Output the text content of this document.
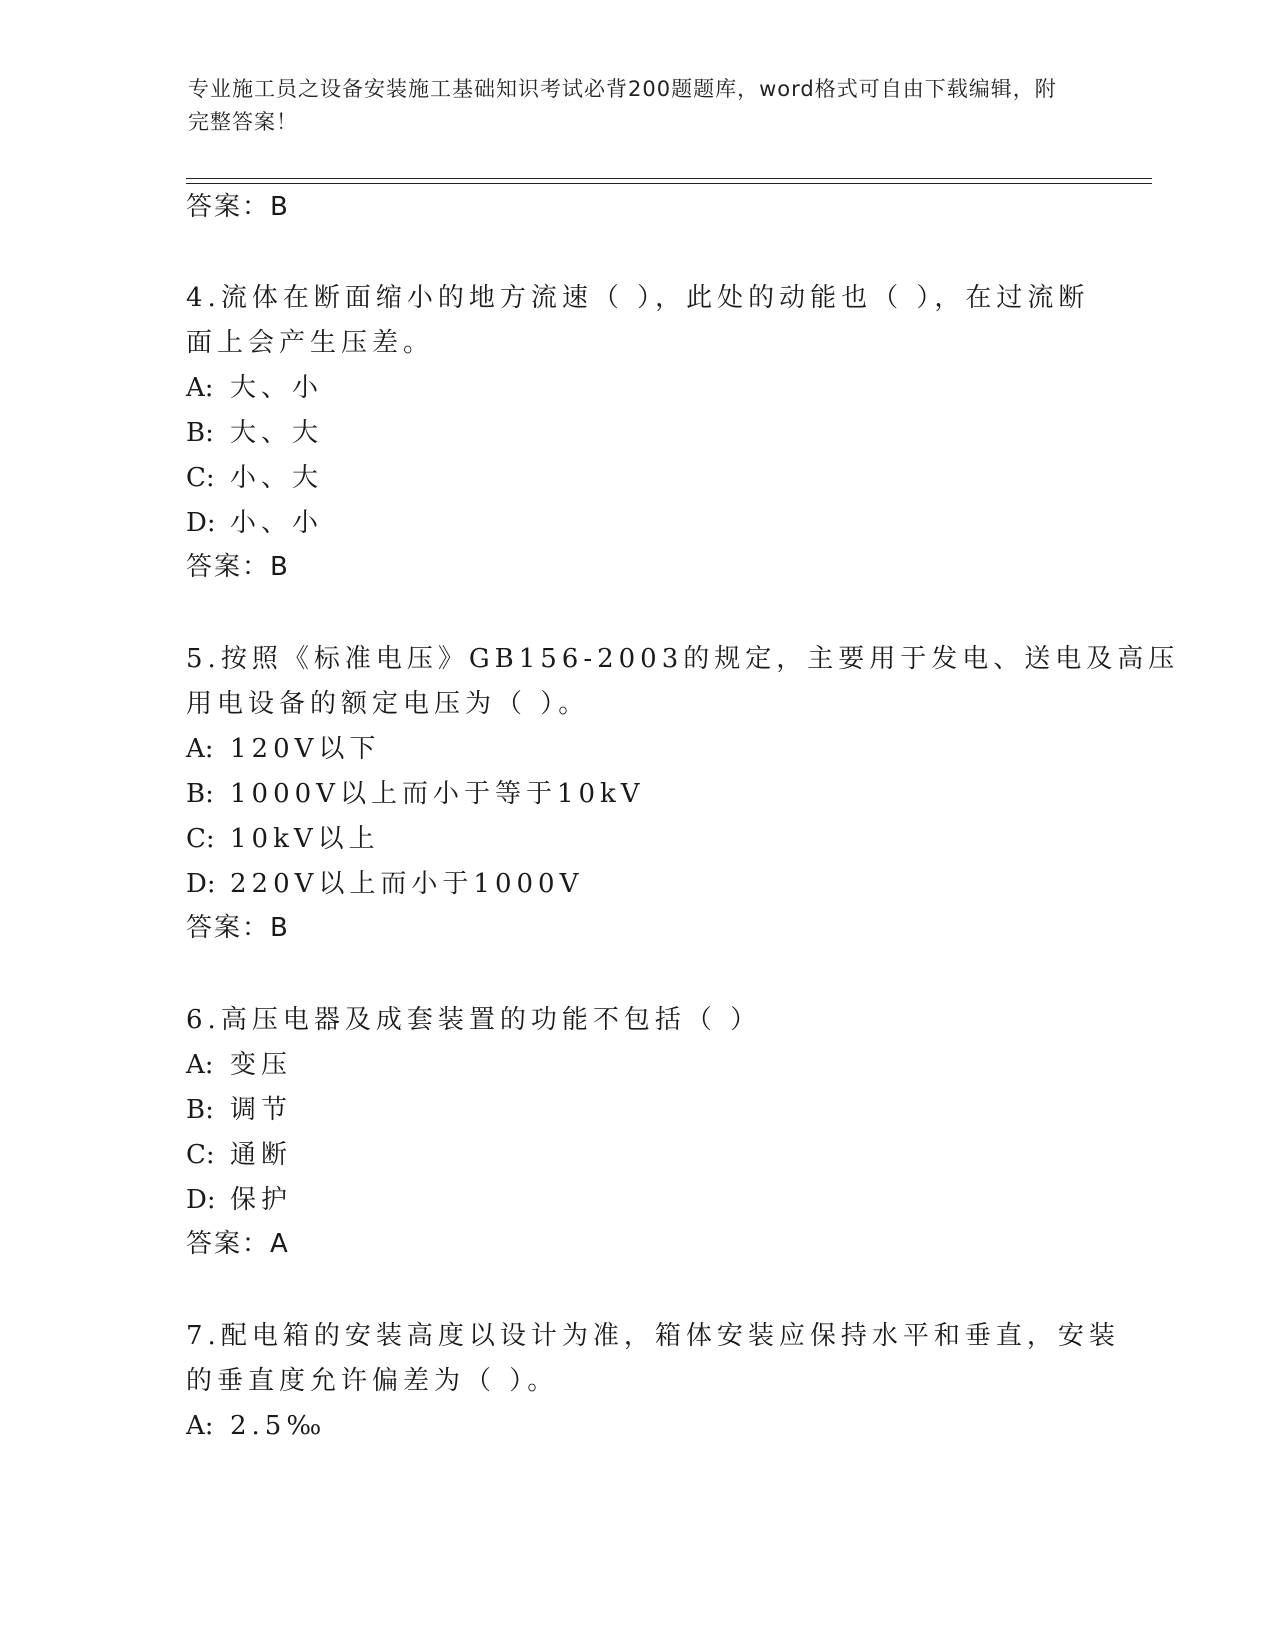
专业施工员之设备安装施工基础知识考试必背200题题库，word格式可自由下载编辑，附完整答案！
答案：B
4.流体在断面缩小的地方流速（ ），此处的动能也（ ），在过流断
面上会产生压差。
A: 大、小
B: 大、大
C: 小、大
D: 小、小
答案：B
5.按照《标准电压》GB156-2003的规定，主要用于发电、送电及高压
用电设备的额定电压为（ ）。
A: 120V以下
B: 1000V以上而小于等于10kV
C: 10kV以上
D: 220V以上而小于1000V
答案：B
6.高压电器及成套装置的功能不包括（ ）
A: 变压
B: 调节
C: 通断
D: 保护
答案：A
7.配电箱的安装高度以设计为准，箱体安装应保持水平和垂直，安装
的垂直度允许偏差为（ ）。
A: 2.5‰
